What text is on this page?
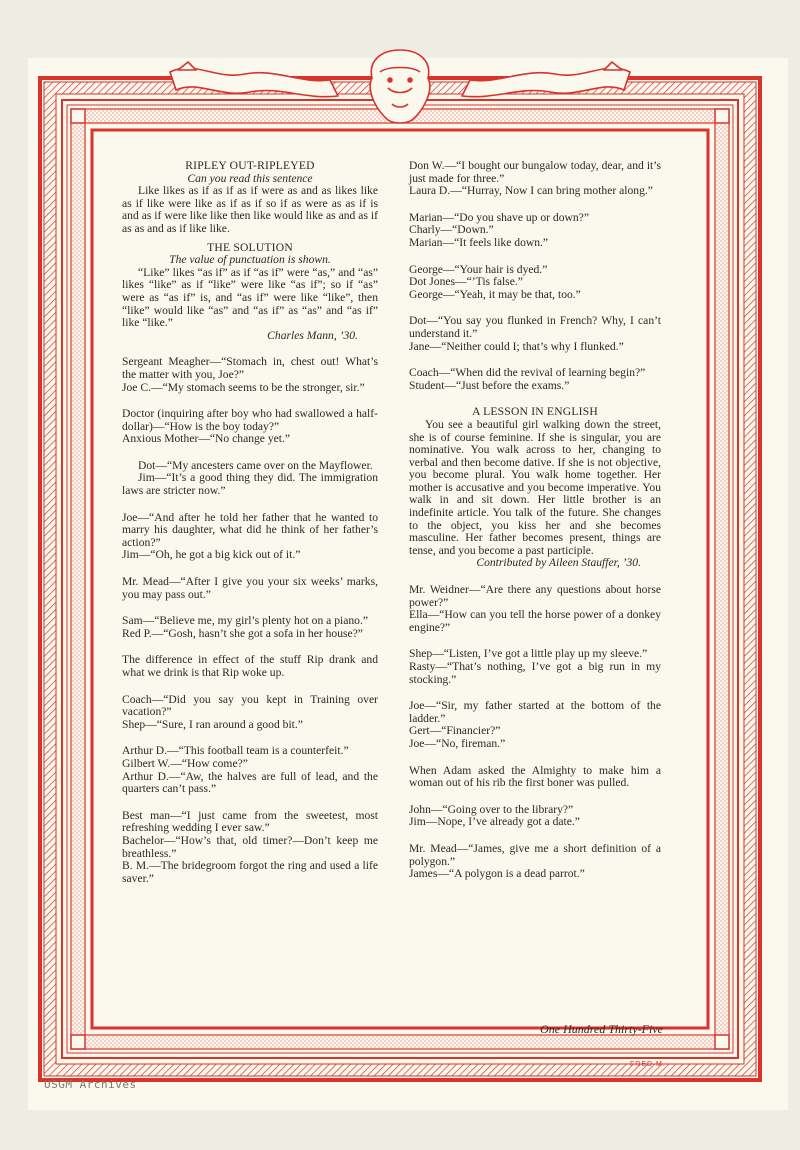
RIPLEY OUT-RIPLEYED

Can you read this sentence

Like likes as if as if as if were as and as likes like as if like were like as if as if so if as were as as if is and as if were like like then like would like as and as if as as and as if like like.

THE SOLUTION

The value of punctuation is shown.

“Like” likes “as if” as if “as if” were “as,” and “as” likes “like” as if “like” were like “as if”; so if “as” were as “as if” is, and “as if” were like “like”, then “like” would like “as” and “as if” as “as” and “as if” like “like.”

Charles Mann, ’30.

Sergeant Meagher—“Stomach in, chest out! What’s the matter with you, Joe?”

Joe C.—“My stomach seems to be the stronger, sir.”

Doctor (inquiring after boy who had swallowed a half-dollar)—“How is the boy today?”

Anxious Mother—“No change yet.”

Dot—“My ancesters came over on the Mayflower.

Jim—“It’s a good thing they did. The immigration laws are stricter now.”

Joe—“And after he told her father that he wanted to marry his daughter, what did he think of her father’s action?”

Jim—“Oh, he got a big kick out of it.”

Mr. Mead—“After I give you your six weeks’ marks, you may pass out.”

Sam—“Believe me, my girl’s plenty hot on a piano.”

Red P.—“Gosh, hasn’t she got a sofa in her house?”

The difference in effect of the stuff Rip drank and what we drink is that Rip woke up.

Coach—“Did you say you kept in Training over vacation?”

Shep—“Sure, I ran around a good bit.”

Arthur D.—“This football team is a counterfeit.”

Gilbert W.—“How come?”

Arthur D.—“Aw, the halves are full of lead, and the quarters can’t pass.”

Best man—“I just came from the sweetest, most refreshing wedding I ever saw.”

Bachelor—“How’s that, old timer?—Don’t keep me breathless.”

B. M.—The bridegroom forgot the ring and used a life saver.”

Don W.—“I bought our bungalow today, dear, and it’s just made for three.”

Laura D.—“Hurray, Now I can bring mother along.”

Marian—“Do you shave up or down?”

Charly—“Down.”

Marian—“It feels like down.”

George—“Your hair is dyed.”

Dot Jones—“’Tis false.”

George—“Yeah, it may be that, too.”

Dot—“You say you flunked in French? Why, I can’t understand it.”

Jane—“Neither could I; that’s why I flunked.”

Coach—“When did the revival of learning begin?”

Student—“Just before the exams.”

A LESSON IN ENGLISH

You see a beautiful girl walking down the street, she is of course feminine. If she is singular, you are nominative. You walk across to her, changing to verbal and then become dative. If she is not objective, you become plural. You walk home together. Her mother is accusative and you become imperative. You walk in and sit down. Her little brother is an indefinite article. You talk of the future. She changes to the object, you kiss her and she becomes masculine. Her father becomes present, things are tense, and you become a past participle.

Contributed by Aileen Stauffer, ’30.

Mr. Weidner—“Are there any questions about horse power?”

Ella—“How can you tell the horse power of a donkey engine?”

Shep—“Listen, I’ve got a little play up my sleeve.”

Rasty—“That’s nothing, I’ve got a big run in my stocking.”

Joe—“Sir, my father started at the bottom of the ladder.”

Gert—“Financier?”

Joe—“No, fireman.”

When Adam asked the Almighty to make him a woman out of his rib the first boner was pulled.

John—“Going over to the library?”

Jim—Nope, I’ve already got a date.”

Mr. Mead—“James, give me a short definition of a polygon.”

James—“A polygon is a dead parrot.”

One Hundred Thirty-Five
FRED M.
USGM Archives
